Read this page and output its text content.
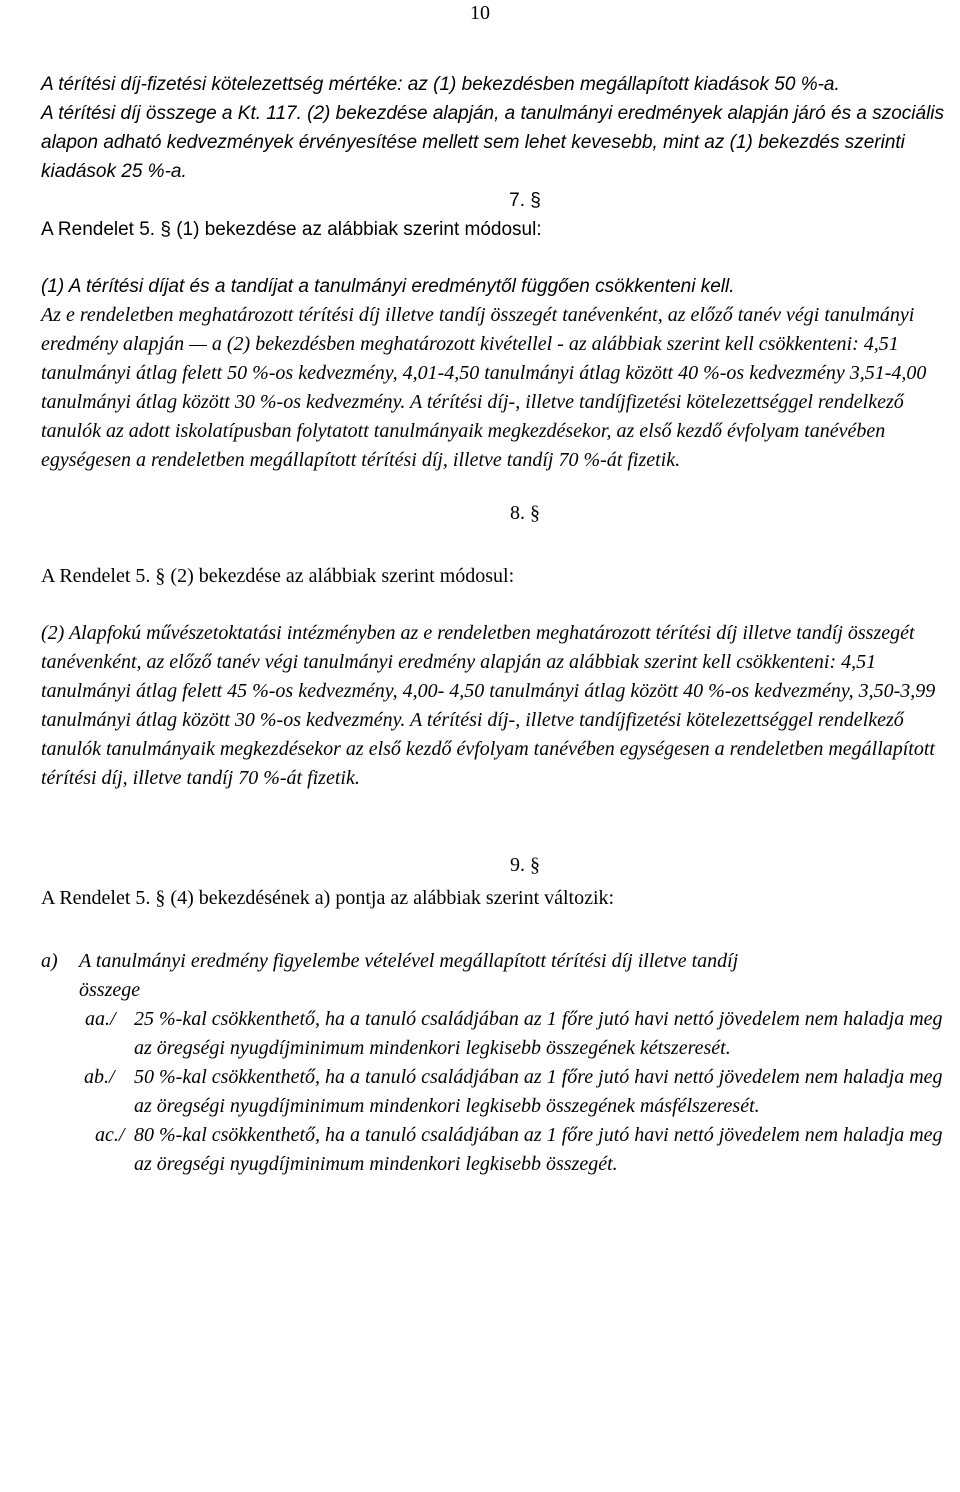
10
A térítési díj-fizetési kötelezettség mértéke: az (1) bekezdésben megállapított kiadások 50 %-a.
A térítési díj összege a Kt. 117. (2) bekezdése alapján, a tanulmányi eredmények alapján járó és a szociális alapon adható kedvezmények érvényesítése mellett sem lehet kevesebb, mint az (1) bekezdés szerinti kiadások 25 %-a.
7. §
A Rendelet 5. § (1) bekezdése az alábbiak szerint módosul:
(1) A térítési díjat és a tandíjat a tanulmányi eredménytől függően csökkenteni kell.
Az e rendeletben meghatározott térítési díj illetve tandíj összegét tanévenként, az előző tanév végi tanulmányi eredmény alapján — a (2) bekezdésben meghatározott kivétellel - az alábbiak szerint kell csökkenteni: 4,51 tanulmányi átlag felett 50 %-os kedvezmény, 4,01-4,50 tanulmányi átlag között 40 %-os kedvezmény 3,51-4,00 tanulmányi átlag között 30 %-os kedvezmény. A térítési díj-, illetve tandíjfizetési kötelezettséggel rendelkező tanulók az adott iskolatípusban folytatott tanulmányaik megkezdésekor, az első kezdő évfolyam tanévében egységesen a rendeletben megállapított térítési díj, illetve tandíj 70 %-át fizetik.
8. §
A Rendelet 5. § (2) bekezdése az alábbiak szerint módosul:
(2) Alapfokú művészetoktatási intézményben az e rendeletben meghatározott térítési díj illetve tandíj összegét tanévenként, az előző tanév végi tanulmányi eredmény alapján az alábbiak szerint kell csökkenteni: 4,51 tanulmányi átlag felett 45 %-os kedvezmény, 4,00- 4,50 tanulmányi átlag között 40 %-os kedvezmény, 3,50-3,99 tanulmányi átlag között 30 %-os kedvezmény. A térítési díj-, illetve tandíjfizetési kötelezettséggel rendelkező tanulók tanulmányaik megkezdésekor az első kezdő évfolyam tanévében egységesen a rendeletben megállapított térítési díj, illetve tandíj 70 %-át fizetik.
9. §
A Rendelet 5. § (4) bekezdésének a) pontja az alábbiak szerint változik:
a) A tanulmányi eredmény figyelembe vételével megállapított térítési díj illetve tandíj
összege
aa./ 25 %-kal csökkenthető, ha a tanuló családjában az 1 főre jutó havi nettó jövedelem nem haladja meg az öregségi nyugdíjminimum mindenkori legkisebb összegének kétszeresét.
ab./ 50 %-kal csökkenthető, ha a tanuló családjában az 1 főre jutó havi nettó jövedelem nem haladja meg az öregségi nyugdíjminimum mindenkori legkisebb összegének másfélszeresét.
ac./ 80 %-kal csökkenthető, ha a tanuló családjában az 1 főre jutó havi nettó jövedelem nem haladja meg az öregségi nyugdíjminimum mindenkori legkisebb összegét.
